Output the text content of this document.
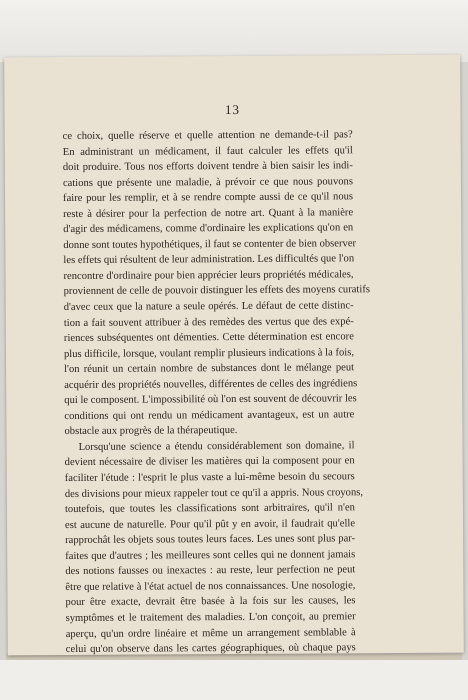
13
ce choix, quelle réserve et quelle attention ne demande-t-il pas?
En administrant un médicament, il faut calculer les effets qu'il
doit produire. Tous nos efforts doivent tendre à bien saisir les indi-
cations que présente une maladie, à prévoir ce que nous pouvons
faire pour les remplir, et à se rendre compte aussi de ce qu'il nous
reste à désirer pour la perfection de notre art. Quant à la manière
d'agir des médicamens, comme d'ordinaire les explications qu'on en
donne sont toutes hypothétiques, il faut se contenter de bien observer
les effets qui résultent de leur administration. Les difficultés que l'on
rencontre d'ordinaire pour bien apprécier leurs propriétés médicales,
proviennent de celle de pouvoir distinguer les effets des moyens curatifs
d'avec ceux que la nature a seule opérés. Le défaut de cette distinc-
tion a fait souvent attribuer à des remèdes des vertus que des expé-
riences subséquentes ont démenties. Cette détermination est encore
plus difficile, lorsque, voulant remplir plusieurs indications à la fois,
l'on réunit un certain nombre de substances dont le mélange peut
acquérir des propriétés nouvelles, différentes de celles des ingrédiens
qui le composent. L'impossibilité où l'on est souvent de découvrir les
conditions qui ont rendu un médicament avantageux, est un autre
obstacle aux progrès de la thérapeutique.
Lorsqu'une science a étendu considérablement son domaine, il
devient nécessaire de diviser les matières qui la composent pour en
faciliter l'étude : l'esprit le plus vaste a lui-même besoin du secours
des divisions pour mieux rappeler tout ce qu'il a appris. Nous croyons,
toutefois, que toutes les classifications sont arbitraires, qu'il n'en
est aucune de naturelle. Pour qu'il pût y en avoir, il faudrait qu'elle
rapprochât les objets sous toutes leurs faces. Les unes sont plus par-
faites que d'autres ; les meilleures sont celles qui ne donnent jamais
des notions fausses ou inexactes : au reste, leur perfection ne peut
être que relative à l'état actuel de nos connaissances. Une nosologie,
pour être exacte, devrait être basée à la fois sur les causes, les
symptômes et le traitement des maladies. L'on conçoit, au premier
aperçu, qu'un ordre linéaire et même un arrangement semblable à
celui qu'on observe dans les cartes géographiques, où chaque pays
